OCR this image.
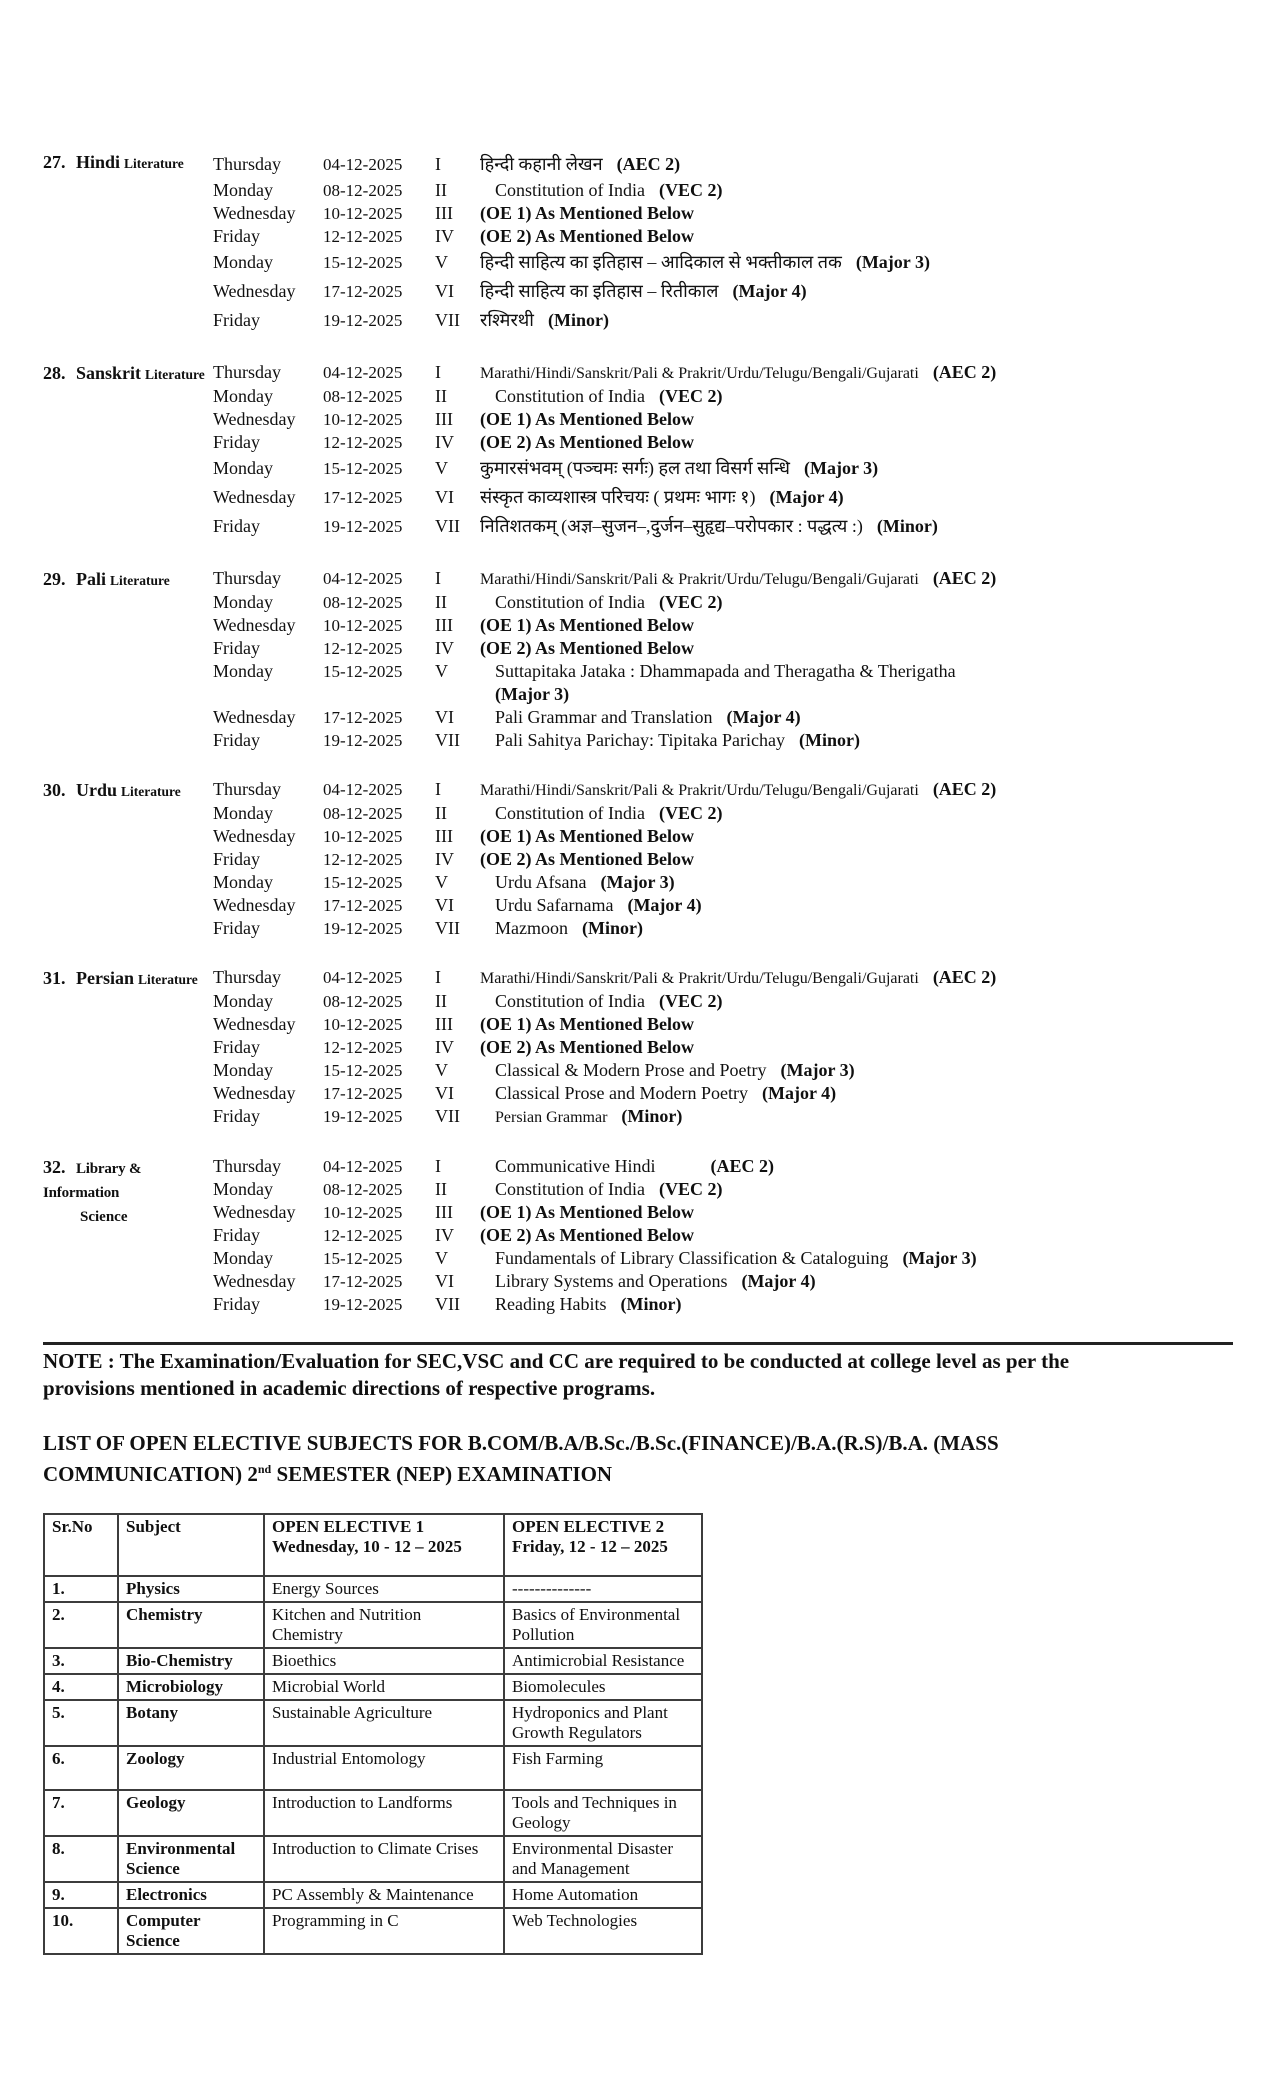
27. Hindi Literature	Thursday	04-12-2025	I	हिन्दी कहानी लेखन (AEC 2)
Monday	08-12-2025	II	Constitution of India (VEC 2)
Wednesday	10-12-2025	III	(OE 1) As Mentioned Below
Friday	12-12-2025	IV	(OE 2) As Mentioned Below
Monday	15-12-2025	V	हिन्दी साहित्य का इतिहास – आदिकाल से भक्तीकाल तक (Major 3)
Wednesday	17-12-2025	VI	हिन्दी साहित्य का इतिहास – रितीकाल (Major 4)
Friday	19-12-2025	VII	रश्मिरथी (Minor)
28. Sanskrit Literature Thursday	04-12-2025	I	Marathi/Hindi/Sanskrit/Pali & Prakrit/Urdu/Telugu/Bengali/Gujarati (AEC 2)
Monday	08-12-2025	II	Constitution of India (VEC 2)
Wednesday	10-12-2025	III	(OE 1) As Mentioned Below
Friday	12-12-2025	IV	(OE 2) As Mentioned Below
Monday	15-12-2025	V	कुमारसंभवम् (पञ्चमः सर्गः) हल तथा विसर्ग सन्धि (Major 3)
Wednesday	17-12-2025	VI	संस्कृत काव्यशास्त्र परिचयः ( प्रथमः भागः १) (Major 4)
Friday	19-12-2025	VII	नितिशतकम् (अज्ञ–सुजन–,दुर्जन–सुहृद्य–परोपकार : पद्धत्य :) (Minor)
29. Pali Literature	Thursday	04-12-2025	I	Marathi/Hindi/Sanskrit/Pali & Prakrit/Urdu/Telugu/Bengali/Gujarati (AEC 2)
Monday	08-12-2025	II	Constitution of India (VEC 2)
Wednesday	10-12-2025	III	(OE 1) As Mentioned Below
Friday	12-12-2025	IV	(OE 2) As Mentioned Below
Monday	15-12-2025	V	Suttapitaka Jataka : Dhammapada and Theragatha & Therigatha
(Major 3)
Wednesday	17-12-2025	VI	Pali Grammar and Translation (Major 4)
Friday	19-12-2025	VII	Pali Sahitya Parichay: Tipitaka Parichay (Minor)
30. Urdu Literature	Thursday	04-12-2025	I	Marathi/Hindi/Sanskrit/Pali & Prakrit/Urdu/Telugu/Bengali/Gujarati (AEC 2)
Monday	08-12-2025	II	Constitution of India (VEC 2)
Wednesday	10-12-2025	III	(OE 1) As Mentioned Below
Friday	12-12-2025	IV	(OE 2) As Mentioned Below
Monday	15-12-2025	V	Urdu Afsana (Major 3)
Wednesday	17-12-2025	VI	Urdu Safarnama (Major 4)
Friday	19-12-2025	VII	Mazmoon (Minor)
31. Persian Literature Thursday	04-12-2025	I	Marathi/Hindi/Sanskrit/Pali & Prakrit/Urdu/Telugu/Bengali/Gujarati (AEC 2)
Monday	08-12-2025	II	Constitution of India (VEC 2)
Wednesday	10-12-2025	III	(OE 1) As Mentioned Below
Friday	12-12-2025	IV	(OE 2) As Mentioned Below
Monday	15-12-2025	V	Classical & Modern Prose and Poetry (Major 3)
Wednesday	17-12-2025	VI	Classical Prose and Modern Poetry (Major 4)
Friday	19-12-2025	VII	Persian Grammar (Minor)
32. Library & Information
Science
Thursday	04-12-2025	I	Communicative Hindi	(AEC 2)
Monday	08-12-2025	II	Constitution of India (VEC 2)
Wednesday	10-12-2025	III	(OE 1) As Mentioned Below
Friday	12-12-2025	IV	(OE 2) As Mentioned Below
Monday	15-12-2025	V	Fundamentals of Library Classification & Cataloguing (Major 3)
Wednesday	17-12-2025	VI	Library Systems and Operations (Major 4)
Friday	19-12-2025	VII	Reading Habits (Minor)
NOTE : The Examination/Evaluation for SEC,VSC and CC are required to be conducted at college level as per the
provisions mentioned in academic directions of respective programs.
LIST OF OPEN ELECTIVE SUBJECTS FOR B.COM/B.A/B.Sc./B.Sc.(FINANCE)/B.A.(R.S)/B.A. (MASS
COMMUNICATION) 2nd SEMESTER (NEP) EXAMINATION
Sr.No	Subject	OPEN ELECTIVE 1
Wednesday, 10 - 12 – 2025

OPEN ELECTIVE 2
Friday, 12 - 12 – 2025

1.	Physics	Energy Sources	--------------
2.	Chemistry	Kitchen and Nutrition Chemistry	Basics of Environmental Pollution
3.	Bio-Chemistry	Bioethics	Antimicrobial Resistance
4.	Microbiology	Microbial World	Biomolecules
5.	Botany	Sustainable Agriculture	Hydroponics and Plant Growth Regulators
6.	Zoology	Industrial Entomology	Fish Farming
7.	Geology	Introduction to Landforms	Tools and Techniques in Geology
8.	Environmental Science	Introduction to Climate Crises	Environmental Disaster and Management
9.	Electronics	PC Assembly & Maintenance	Home Automation
10.	Computer Science	Programming in C	Web Technologies
